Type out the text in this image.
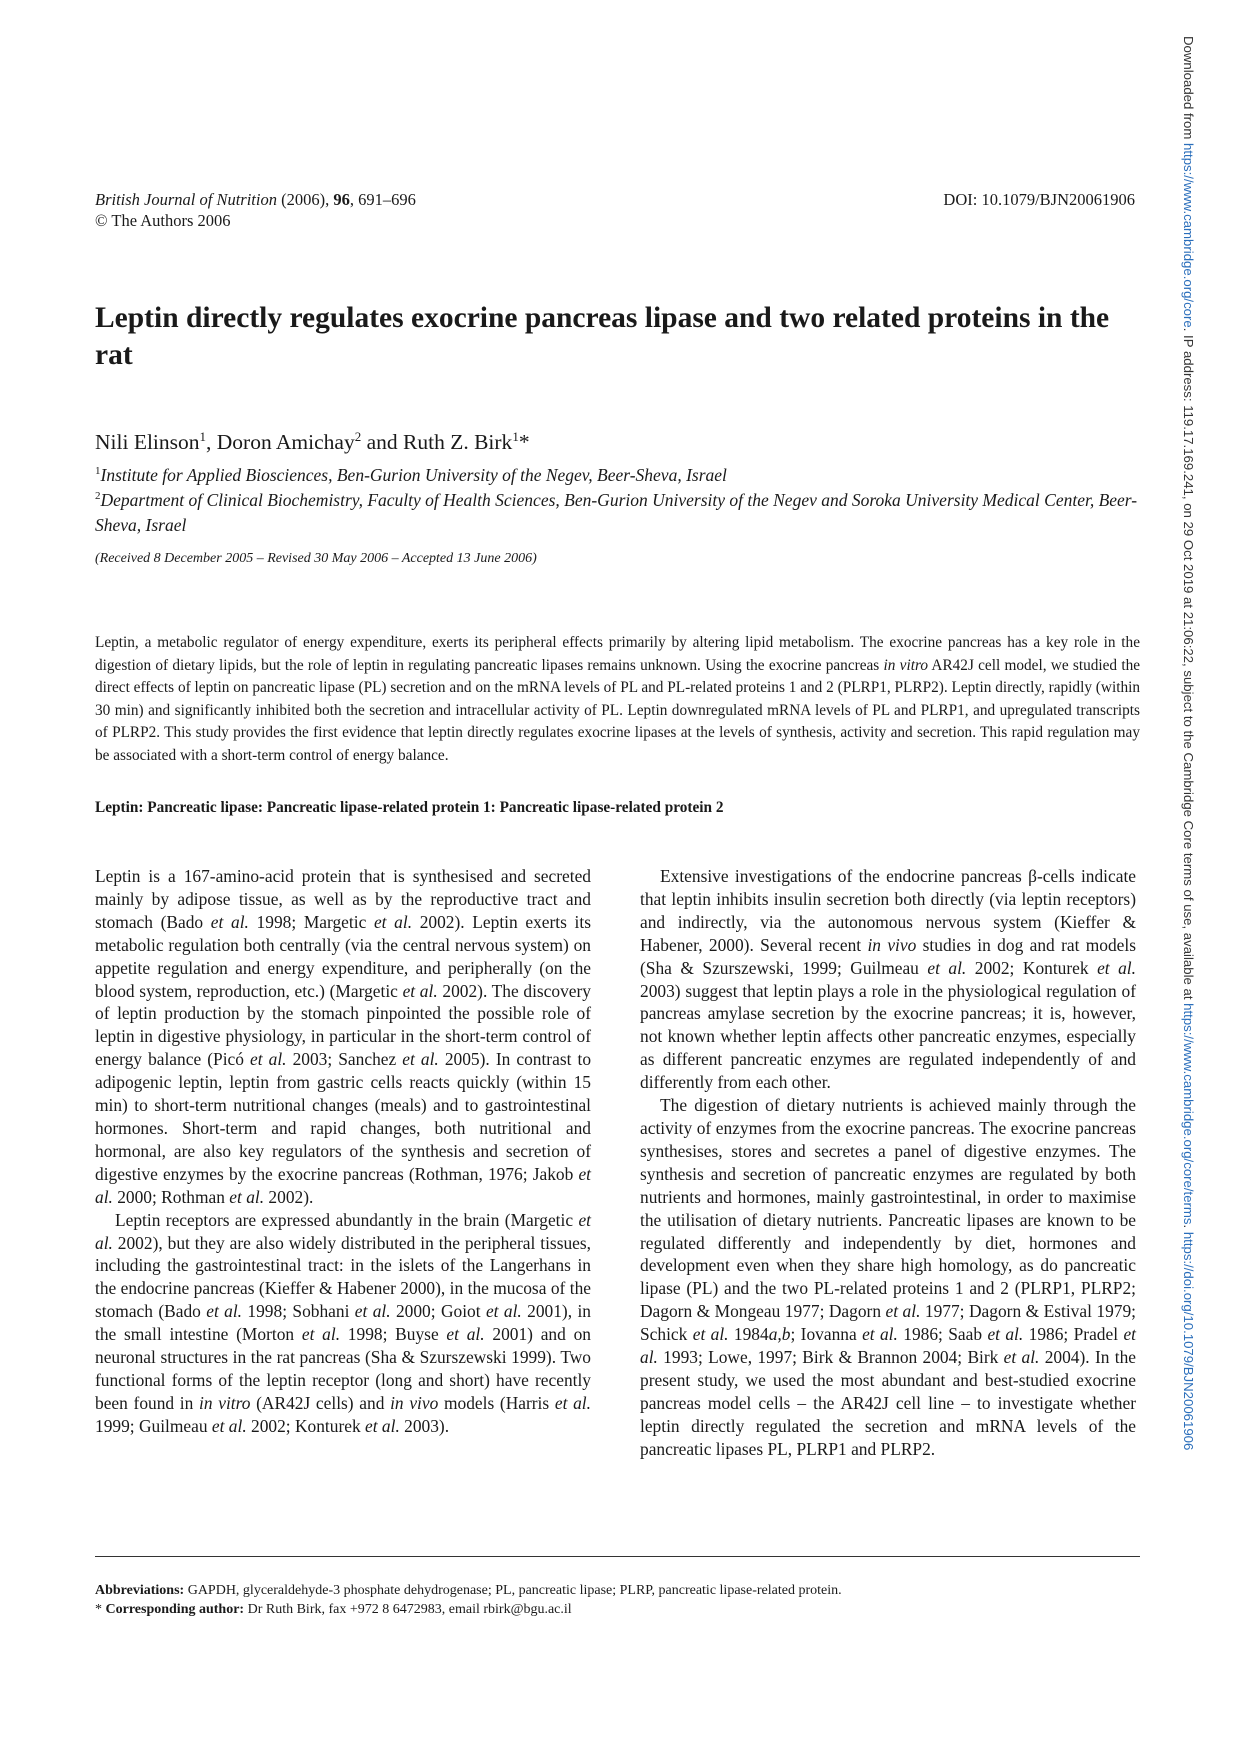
British Journal of Nutrition (2006), 96, 691–696
© The Authors 2006
DOI: 10.1079/BJN20061906
Downloaded from https://www.cambridge.org/core. IP address: 119.17.169.241, on 29 Oct 2019 at 21:06:22, subject to the Cambridge Core terms of use, available at https://www.cambridge.org/core/terms. https://doi.org/10.1079/BJN20061906
Leptin directly regulates exocrine pancreas lipase and two related proteins in the rat
Nili Elinson$^1$, Doron Amichay$^2$ and Ruth Z. Birk$^1$*
$^1$Institute for Applied Biosciences, Ben-Gurion University of the Negev, Beer-Sheva, Israel
$^2$Department of Clinical Biochemistry, Faculty of Health Sciences, Ben-Gurion University of the Negev and Soroka University Medical Center, Beer-Sheva, Israel
(Received 8 December 2005 – Revised 30 May 2006 – Accepted 13 June 2006)

Leptin, a metabolic regulator of energy expenditure, exerts its peripheral effects primarily by altering lipid metabolism. The exocrine pancreas has a key role in the digestion of dietary lipids, but the role of leptin in regulating pancreatic lipases remains unknown. Using the exocrine pancreas in vitro AR42J cell model, we studied the direct effects of leptin on pancreatic lipase (PL) secretion and on the mRNA levels of PL and PL-related proteins 1 and 2 (PLRP1, PLRP2). Leptin directly, rapidly (within 30 min) and significantly inhibited both the secretion and intracellular activity of PL. Leptin downregulated mRNA levels of PL and PLRP1, and upregulated transcripts of PLRP2. This study provides the first evidence that leptin directly regulates exocrine lipases at the levels of synthesis, activity and secretion. This rapid regulation may be associated with a short-term control of energy balance.

Leptin: Pancreatic lipase: Pancreatic lipase-related protein 1: Pancreatic lipase-related protein 2

Leptin is a 167-amino-acid protein that is synthesised and secreted mainly by adipose tissue, as well as by the reproductive tract and stomach (Bado et al. 1998; Margetic et al. 2002). Leptin exerts its metabolic regulation both centrally (via the central nervous system) on appetite regulation and energy expenditure, and peripherally (on the blood system, reproduction, etc.) (Margetic et al. 2002). The discovery of leptin production by the stomach pinpointed the possible role of leptin in digestive physiology, in particular in the short-term control of energy balance (Picó et al. 2003; Sanchez et al. 2005). In contrast to adipogenic leptin, leptin from gastric cells reacts quickly (within 15 min) to short-term nutritional changes (meals) and to gastrointestinal hormones. Short-term and rapid changes, both nutritional and hormonal, are also key regulators of the synthesis and secretion of digestive enzymes by the exocrine pancreas (Rothman, 1976; Jakob et al. 2000; Rothman et al. 2002).

Leptin receptors are expressed abundantly in the brain (Margetic et al. 2002), but they are also widely distributed in the peripheral tissues, including the gastrointestinal tract: in the islets of the Langerhans in the endocrine pancreas (Kieffer & Habener 2000), in the mucosa of the stomach (Bado et al. 1998; Sobhani et al. 2000; Goiot et al. 2001), in the small intestine (Morton et al. 1998; Buyse et al. 2001) and on neuronal structures in the rat pancreas (Sha & Szurszewski 1999). Two functional forms of the leptin receptor (long and short) have recently been found in in vitro (AR42J cells) and in vivo models (Harris et al. 1999; Guilmeau et al. 2002; Konturek et al. 2003).

Extensive investigations of the endocrine pancreas β-cells indicate that leptin inhibits insulin secretion both directly (via leptin receptors) and indirectly, via the autonomous nervous system (Kieffer & Habener, 2000). Several recent in vivo studies in dog and rat models (Sha & Szurszewski, 1999; Guilmeau et al. 2002; Konturek et al. 2003) suggest that leptin plays a role in the physiological regulation of pancreas amylase secretion by the exocrine pancreas; it is, however, not known whether leptin affects other pancreatic enzymes, especially as different pancreatic enzymes are regulated independently of and differently from each other.

The digestion of dietary nutrients is achieved mainly through the activity of enzymes from the exocrine pancreas. The exocrine pancreas synthesises, stores and secretes a panel of digestive enzymes. The synthesis and secretion of pancreatic enzymes are regulated by both nutrients and hormones, mainly gastrointestinal, in order to maximise the utilisation of dietary nutrients. Pancreatic lipases are known to be regulated differently and independently by diet, hormones and development even when they share high homology, as do pancreatic lipase (PL) and the two PL-related proteins 1 and 2 (PLRP1, PLRP2; Dagorn & Mongeau 1977; Dagorn et al. 1977; Dagorn & Estival 1979; Schick et al. 1984a,b; Iovanna et al. 1986; Saab et al. 1986; Pradel et al. 1993; Lowe, 1997; Birk & Brannon 2004; Birk et al. 2004). In the present study, we used the most abundant and best-studied exocrine pancreas model cells – the AR42J cell line – to investigate whether leptin directly regulated the secretion and mRNA levels of the pancreatic lipases PL, PLRP1 and PLRP2.

Abbreviations: GAPDH, glyceraldehyde-3 phosphate dehydrogenase; PL, pancreatic lipase; PLRP, pancreatic lipase-related protein.
* Corresponding author: Dr Ruth Birk, fax +972 8 6472983, email rbirk@bgu.ac.il
